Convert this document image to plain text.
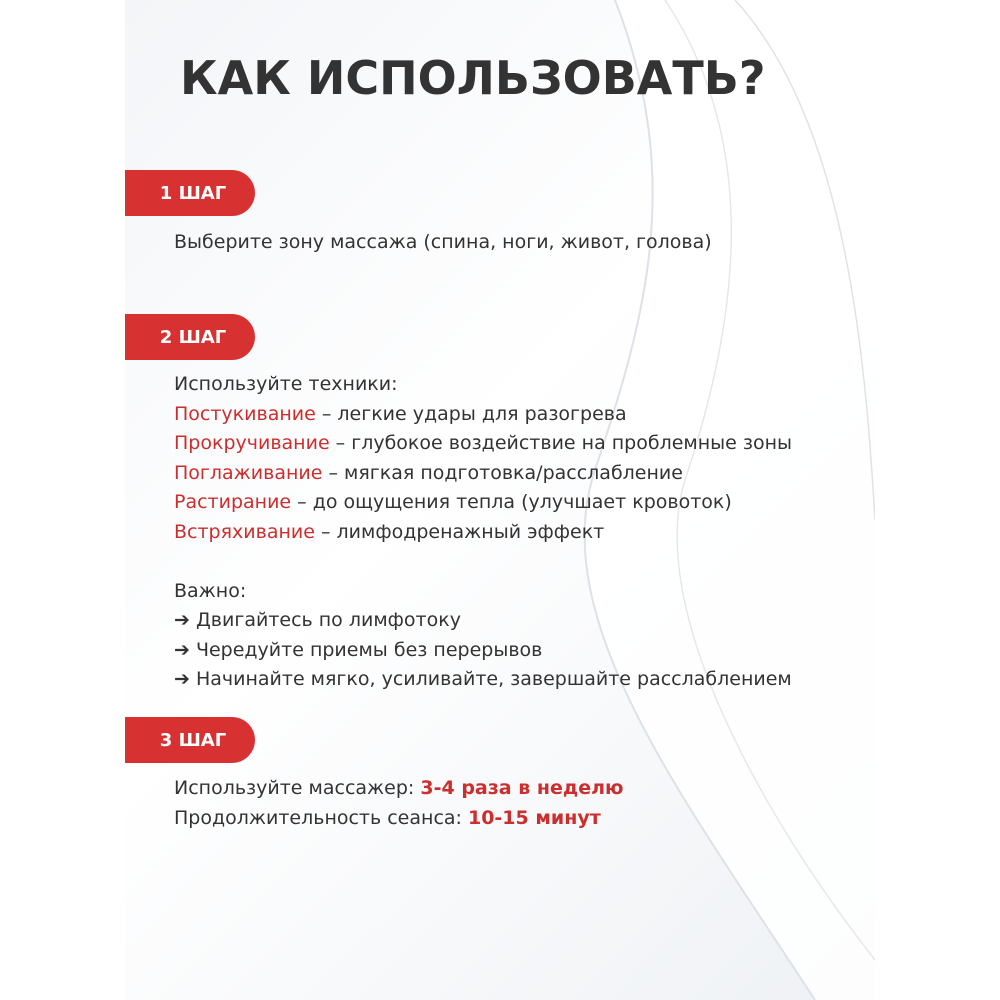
КАК ИСПОЛЬЗОВАТЬ?
1 ШАГ
Выберите зону массажа (спина, ноги, живот, голова)
2 ШАГ
Используйте техники:
Постукивание – легкие удары для разогрева
Прокручивание – глубокое воздействие на проблемные зоны
Поглаживание – мягкая подготовка/расслабление
Растирание – до ощущения тепла (улучшает кровоток)
Встряхивание – лимфодренажный эффект
Важно:
➔ Двигайтесь по лимфотоку
➔ Чередуйте приемы без перерывов
➔ Начинайте мягко, усиливайте, завершайте расслаблением
3 ШАГ
Используйте массажер: 3-4 раза в неделю
Продолжительность сеанса: 10-15 минут
